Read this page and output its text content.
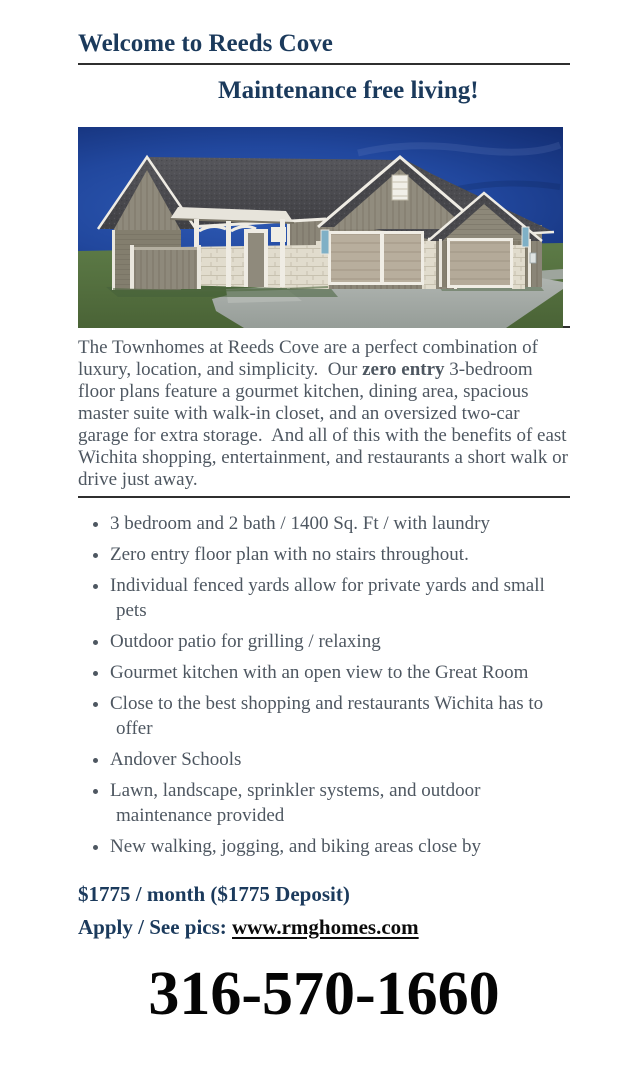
Welcome to Reeds Cove
Maintenance free living!

The Townhomes at Reeds Cove are a perfect combination of luxury, location, and simplicity.  Our zero entry 3-bedroom floor plans feature a gourmet kitchen, dining area, spacious master suite with walk-in closet, and an oversized two-car garage for extra storage.  And all of this with the benefits of east Wichita shopping, entertainment, and restaurants a short walk or drive just away.

• 3 bedroom and 2 bath / 1400 Sq. Ft / with laundry
• Zero entry floor plan with no stairs throughout.
• Individual fenced yards allow for private yards and small pets
• Outdoor patio for grilling / relaxing
• Gourmet kitchen with an open view to the Great Room
• Close to the best shopping and restaurants Wichita has to offer
• Andover Schools
• Lawn, landscape, sprinkler systems, and outdoor maintenance provided
• New walking, jogging, and biking areas close by
$1775 / month ($1775 Deposit)
Apply / See pics: www.rmghomes.com
316-570-1660
